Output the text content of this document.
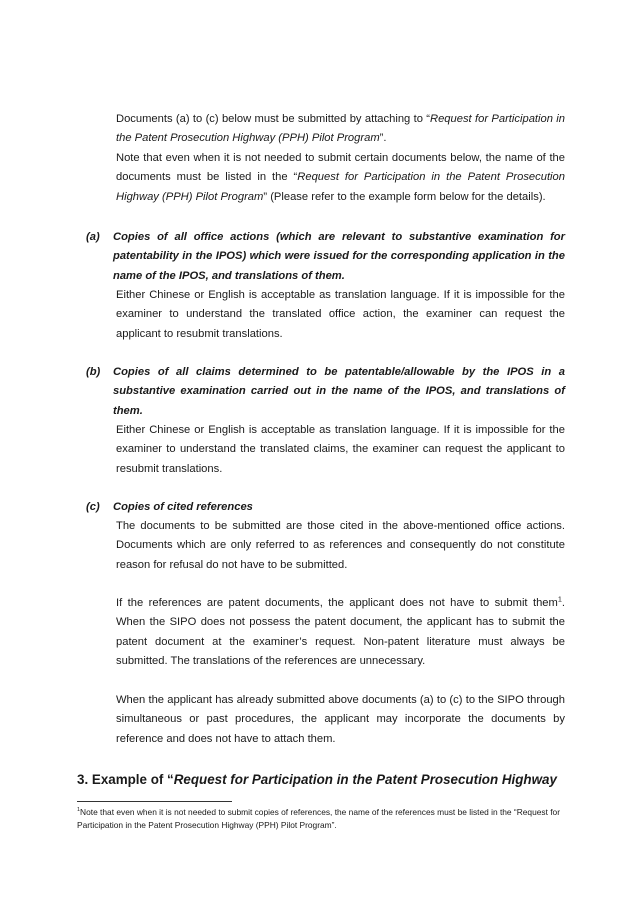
Documents (a) to (c) below must be submitted by attaching to “Request for Participation in the Patent Prosecution Highway (PPH) Pilot Program”.

Note that even when it is not needed to submit certain documents below, the name of the documents must be listed in the “Request for Participation in the Patent Prosecution Highway (PPH) Pilot Program” (Please refer to the example form below for the details).

(a) Copies of all office actions (which are relevant to substantive examination for patentability in the IPOS) which were issued for the corresponding application in the name of the IPOS, and translations of them.

Either Chinese or English is acceptable as translation language. If it is impossible for the examiner to understand the translated office action, the examiner can request the applicant to resubmit translations.

(b) Copies of all claims determined to be patentable/allowable by the IPOS in a substantive examination carried out in the name of the IPOS, and translations of them.

Either Chinese or English is acceptable as translation language. If it is impossible for the examiner to understand the translated claims, the examiner can request the applicant to resubmit translations.

(c) Copies of cited references

The documents to be submitted are those cited in the above-mentioned office actions. Documents which are only referred to as references and consequently do not constitute reason for refusal do not have to be submitted.

If the references are patent documents, the applicant does not have to submit them$^1$. When the SIPO does not possess the patent document, the applicant has to submit the patent document at the examiner’s request. Non-patent literature must always be submitted. The translations of the references are unnecessary.

When the applicant has already submitted above documents (a) to (c) to the SIPO through simultaneous or past procedures, the applicant may incorporate the documents by reference and does not have to attach them.

3. Example of “Request for Participation in the Patent Prosecution Highway
$^1$Note that even when it is not needed to submit copies of references, the name of the references must be listed in the “Request for Participation in the Patent Prosecution Highway (PPH) Pilot Program”.
